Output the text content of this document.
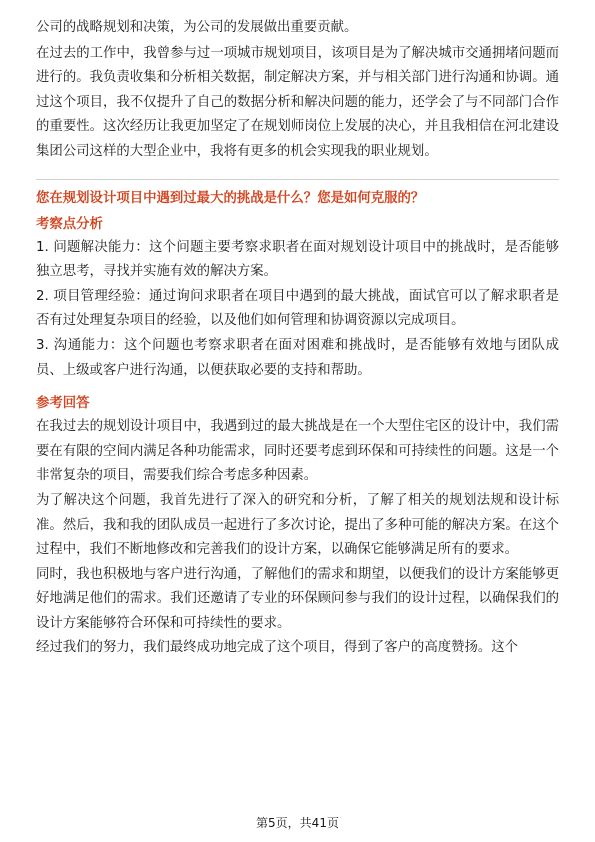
公司的战略规划和决策，为公司的发展做出重要贡献。

在过去的工作中，我曾参与过一项城市规划项目，该项目是为了解决城市交通拥堵问题而进行的。我负责收集和分析相关数据，制定解决方案，并与相关部门进行沟通和协调。通过这个项目，我不仅提升了自己的数据分析和解决问题的能力，还学会了与不同部门合作的重要性。这次经历让我更加坚定了在规划师岗位上发展的决心，并且我相信在河北建设集团公司这样的大型企业中，我将有更多的机会实现我的职业规划。

您在规划设计项目中遇到过最大的挑战是什么？您是如何克服的？
考察点分析

1. 问题解决能力：这个问题主要考察求职者在面对规划设计项目中的挑战时，是否能够独立思考，寻找并实施有效的解决方案。

2. 项目管理经验：通过询问求职者在项目中遇到的最大挑战，面试官可以了解求职者是否有过处理复杂项目的经验，以及他们如何管理和协调资源以完成项目。

3. 沟通能力：这个问题也考察求职者在面对困难和挑战时，是否能够有效地与团队成员、上级或客户进行沟通，以便获取必要的支持和帮助。

参考回答

在我过去的规划设计项目中，我遇到过的最大挑战是在一个大型住宅区的设计中，我们需要在有限的空间内满足各种功能需求，同时还要考虑到环保和可持续性的问题。这是一个非常复杂的项目，需要我们综合考虑多种因素。

为了解决这个问题，我首先进行了深入的研究和分析，了解了相关的规划法规和设计标准。然后，我和我的团队成员一起进行了多次讨论，提出了多种可能的解决方案。在这个过程中，我们不断地修改和完善我们的设计方案，以确保它能够满足所有的要求。

同时，我也积极地与客户进行沟通，了解他们的需求和期望，以便我们的设计方案能够更好地满足他们的需求。我们还邀请了专业的环保顾问参与我们的设计过程，以确保我们的设计方案能够符合环保和可持续性的要求。

经过我们的努力，我们最终成功地完成了这个项目，得到了客户的高度赞扬。这个

第5页，共41页
